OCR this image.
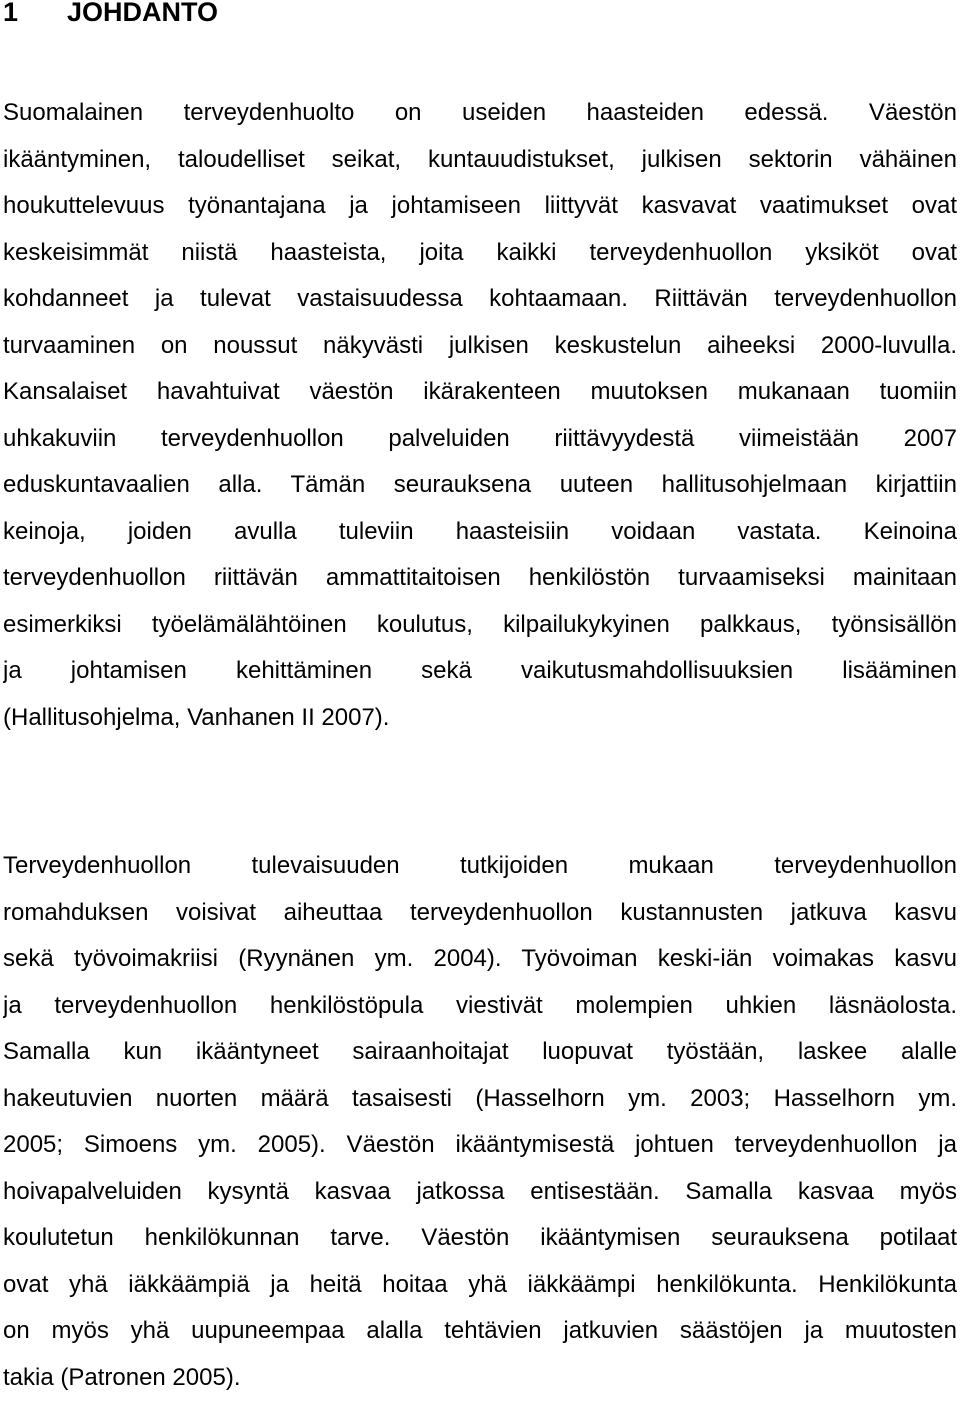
1 JOHDANTO
Suomalainen terveydenhuolto on useiden haasteiden edessä. Väestön
ikääntyminen, taloudelliset seikat, kuntauudistukset, julkisen sektorin vähäinen
houkuttelevuus työnantajana ja johtamiseen liittyvät kasvavat vaatimukset ovat
keskeisimmät niistä haasteista, joita kaikki terveydenhuollon yksiköt ovat
kohdanneet ja tulevat vastaisuudessa kohtaamaan. Riittävän terveydenhuollon
turvaaminen on noussut näkyvästi julkisen keskustelun aiheeksi 2000-luvulla.
Kansalaiset havahtuivat väestön ikärakenteen muutoksen mukanaan tuomiin
uhkakuviin terveydenhuollon palveluiden riittävyydestä viimeistään 2007
eduskuntavaalien alla. Tämän seurauksena uuteen hallitusohjelmaan kirjattiin
keinoja, joiden avulla tuleviin haasteisiin voidaan vastata. Keinoina
terveydenhuollon riittävän ammattitaitoisen henkilöstön turvaamiseksi mainitaan
esimerkiksi työelämälähtöinen koulutus, kilpailukykyinen palkkaus, työnsisällön
ja johtamisen kehittäminen sekä vaikutusmahdollisuuksien lisääminen
(Hallitusohjelma, Vanhanen II 2007).
Terveydenhuollon tulevaisuuden tutkijoiden mukaan terveydenhuollon
romahduksen voisivat aiheuttaa terveydenhuollon kustannusten jatkuva kasvu
sekä työvoimakriisi (Ryynänen ym. 2004). Työvoiman keski-iän voimakas kasvu
ja terveydenhuollon henkilöstöpula viestivät molempien uhkien läsnäolosta.
Samalla kun ikääntyneet sairaanhoitajat luopuvat työstään, laskee alalle
hakeutuvien nuorten määrä tasaisesti (Hasselhorn ym. 2003; Hasselhorn ym.
2005; Simoens ym. 2005). Väestön ikääntymisestä johtuen terveydenhuollon ja
hoivapalveluiden kysyntä kasvaa jatkossa entisestään. Samalla kasvaa myös
koulutetun henkilökunnan tarve. Väestön ikääntymisen seurauksena potilaat
ovat yhä iäkkäämpiä ja heitä hoitaa yhä iäkkäämpi henkilökunta. Henkilökunta
on myös yhä uupuneempaa alalla tehtävien jatkuvien säästöjen ja muutosten
takia (Patronen 2005).
